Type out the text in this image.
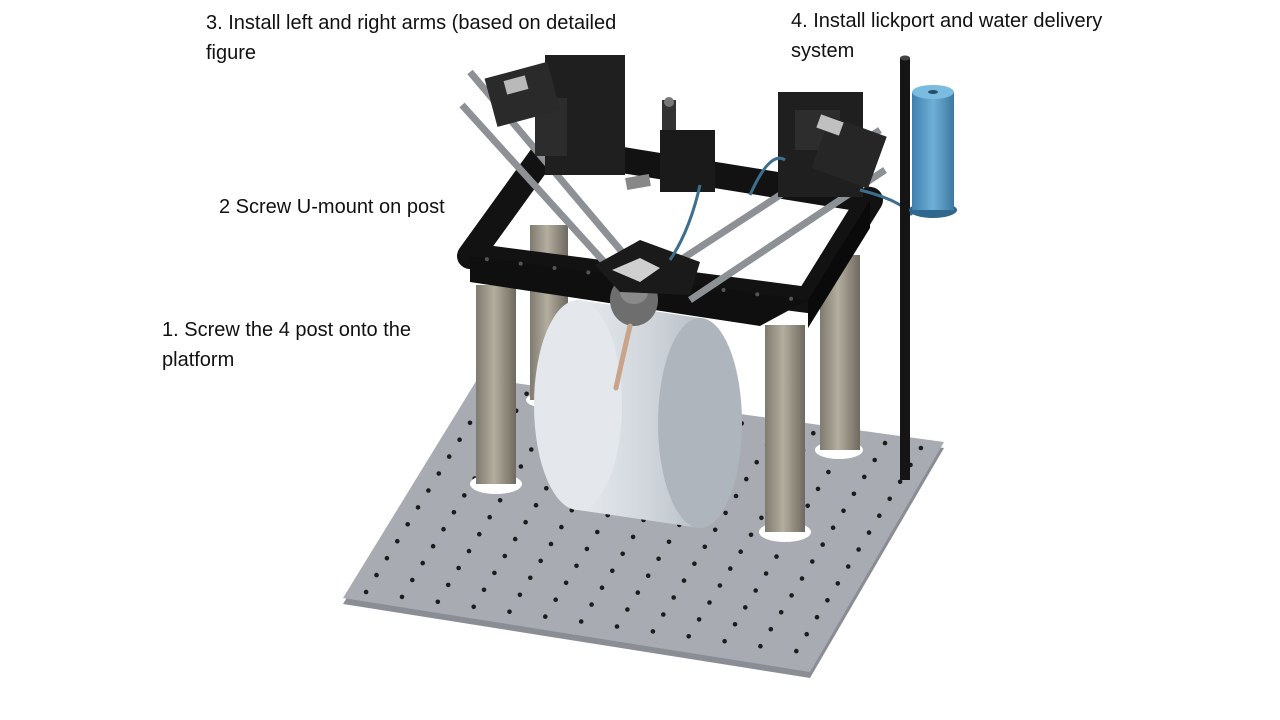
1. Screw the 4 post onto the
platform
2 Screw U-mount on post
3. Install left and right arms (based on detailed
figure
4. Install lickport and water delivery
system
